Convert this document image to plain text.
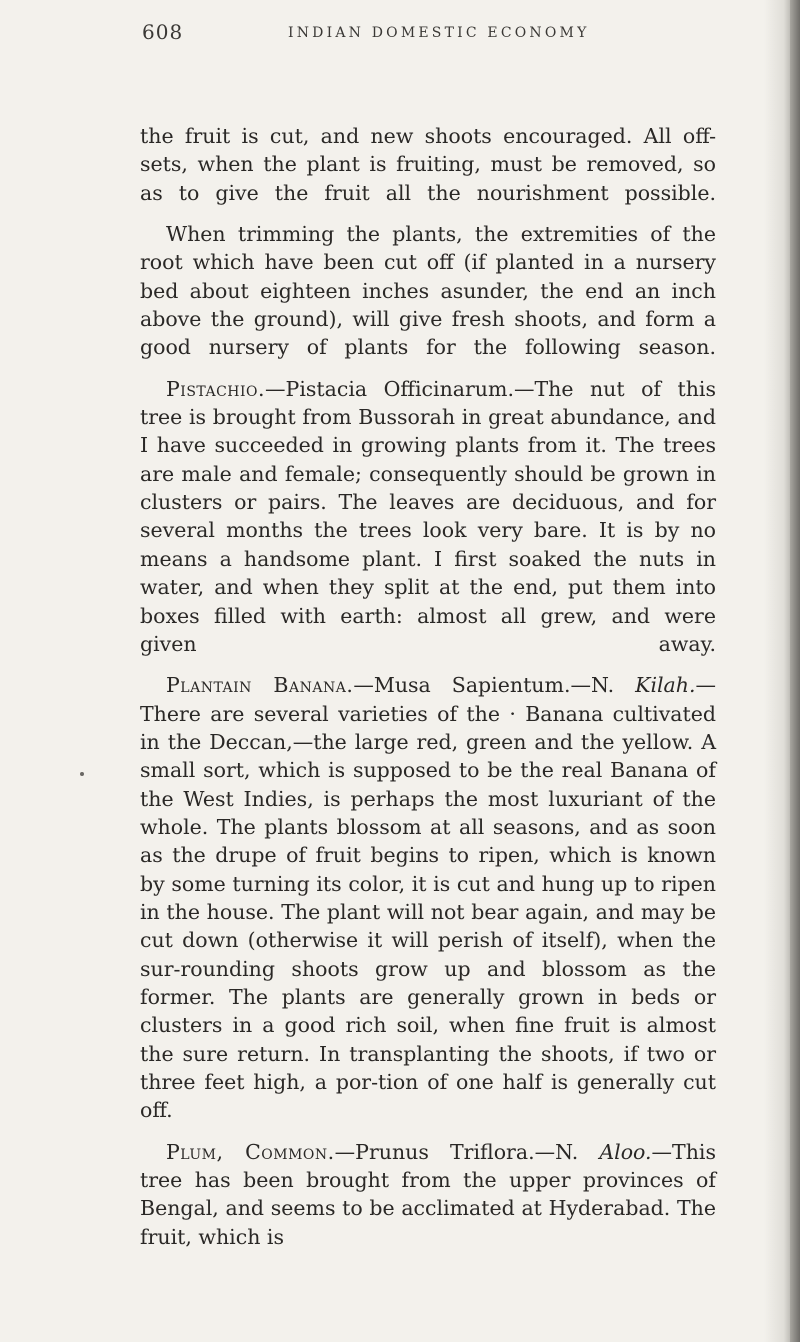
608	INDIAN DOMESTIC ECONOMY

the fruit is cut, and new shoots encouraged. All off-sets, when the plant is fruiting, must be removed, so as to give the fruit all the nourishment possible.

When trimming the plants, the extremities of the root which have been cut off (if planted in a nursery bed about eighteen inches asunder, the end an inch above the ground), will give fresh shoots, and form a good nursery of plants for the following season.

Pistachio.—Pistacia Officinarum.—The nut of this tree is brought from Bussorah in great abundance, and I have succeeded in growing plants from it. The trees are male and female; consequently should be grown in clusters or pairs. The leaves are deciduous, and for several months the trees look very bare. It is by no means a handsome plant. I first soaked the nuts in water, and when they split at the end, put them into boxes filled with earth: almost all grew, and were given away.

Plantain Banana.—Musa Sapientum.—N. Kilah.—There are several varieties of the · Banana cultivated in the Deccan,—the large red, green and the yellow. A small sort, which is supposed to be the real Banana of the West Indies, is perhaps the most luxuriant of the whole. The plants blossom at all seasons, and as soon as the drupe of fruit begins to ripen, which is known by some turning its color, it is cut and hung up to ripen in the house. The plant will not bear again, and may be cut down (otherwise it will perish of itself), when the sur-rounding shoots grow up and blossom as the former. The plants are generally grown in beds or clusters in a good rich soil, when fine fruit is almost the sure return. In transplanting the shoots, if two or three feet high, a por-tion of one half is generally cut off.

Plum, Common.—Prunus Triflora.—N. Aloo.—This tree has been brought from the upper provinces of Bengal, and seems to be acclimated at Hyderabad. The fruit, which is
